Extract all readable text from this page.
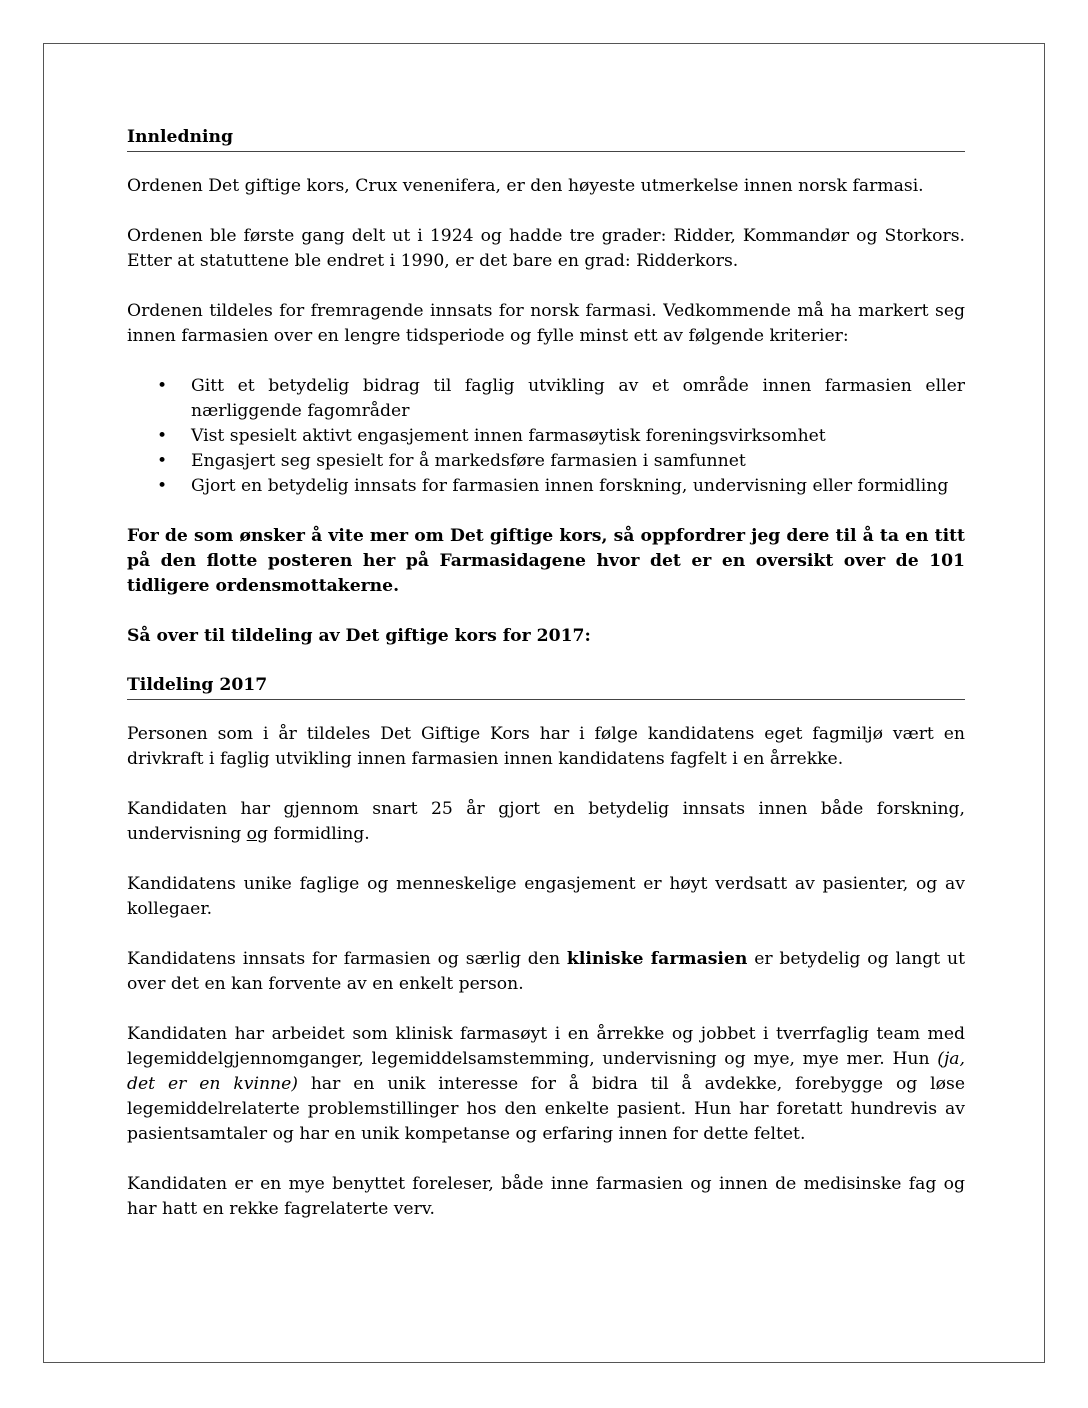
Innledning

Ordenen Det giftige kors, Crux venenifera, er den høyeste utmerkelse innen norsk farmasi.

Ordenen ble første gang delt ut i 1924 og hadde tre grader: Ridder, Kommandør og Storkors. Etter at statuttene ble endret i 1990, er det bare en grad: Ridderkors.

Ordenen tildeles for fremragende innsats for norsk farmasi. Vedkommende må ha markert seg innen farmasien over en lengre tidsperiode og fylle minst ett av følgende kriterier:

• Gitt et betydelig bidrag til faglig utvikling av et område innen farmasien eller nærliggende fagområder
• Vist spesielt aktivt engasjement innen farmasøytisk foreningsvirksomhet
• Engasjert seg spesielt for å markedsføre farmasien i samfunnet
• Gjort en betydelig innsats for farmasien innen forskning, undervisning eller formidling

For de som ønsker å vite mer om Det giftige kors, så oppfordrer jeg dere til å ta en titt på den flotte posteren her på Farmasidagene hvor det er en oversikt over de 101 tidligere ordensmottakerne.

Så over til tildeling av Det giftige kors for 2017:

Tildeling 2017

Personen som i år tildeles Det Giftige Kors har i følge kandidatens eget fagmiljø vært en drivkraft i faglig utvikling innen farmasien innen kandidatens fagfelt i en årrekke.

Kandidaten har gjennom snart 25 år gjort en betydelig innsats innen både forskning, undervisning og formidling.

Kandidatens unike faglige og menneskelige engasjement er høyt verdsatt av pasienter, og av kollegaer.

Kandidatens innsats for farmasien og særlig den kliniske farmasien er betydelig og langt ut over det en kan forvente av en enkelt person.

Kandidaten har arbeidet som klinisk farmasøyt i en årrekke og jobbet i tverrfaglig team med legemiddelgjennomganger, legemiddelsamstemming, undervisning og mye, mye mer. Hun (ja, det er en kvinne) har en unik interesse for å bidra til å avdekke, forebygge og løse legemiddelrelaterte problemstillinger hos den enkelte pasient. Hun har foretatt hundrevis av pasientsamtaler og har en unik kompetanse og erfaring innen for dette feltet.

Kandidaten er en mye benyttet foreleser, både inne farmasien og innen de medisinske fag og har hatt en rekke fagrelaterte verv.
